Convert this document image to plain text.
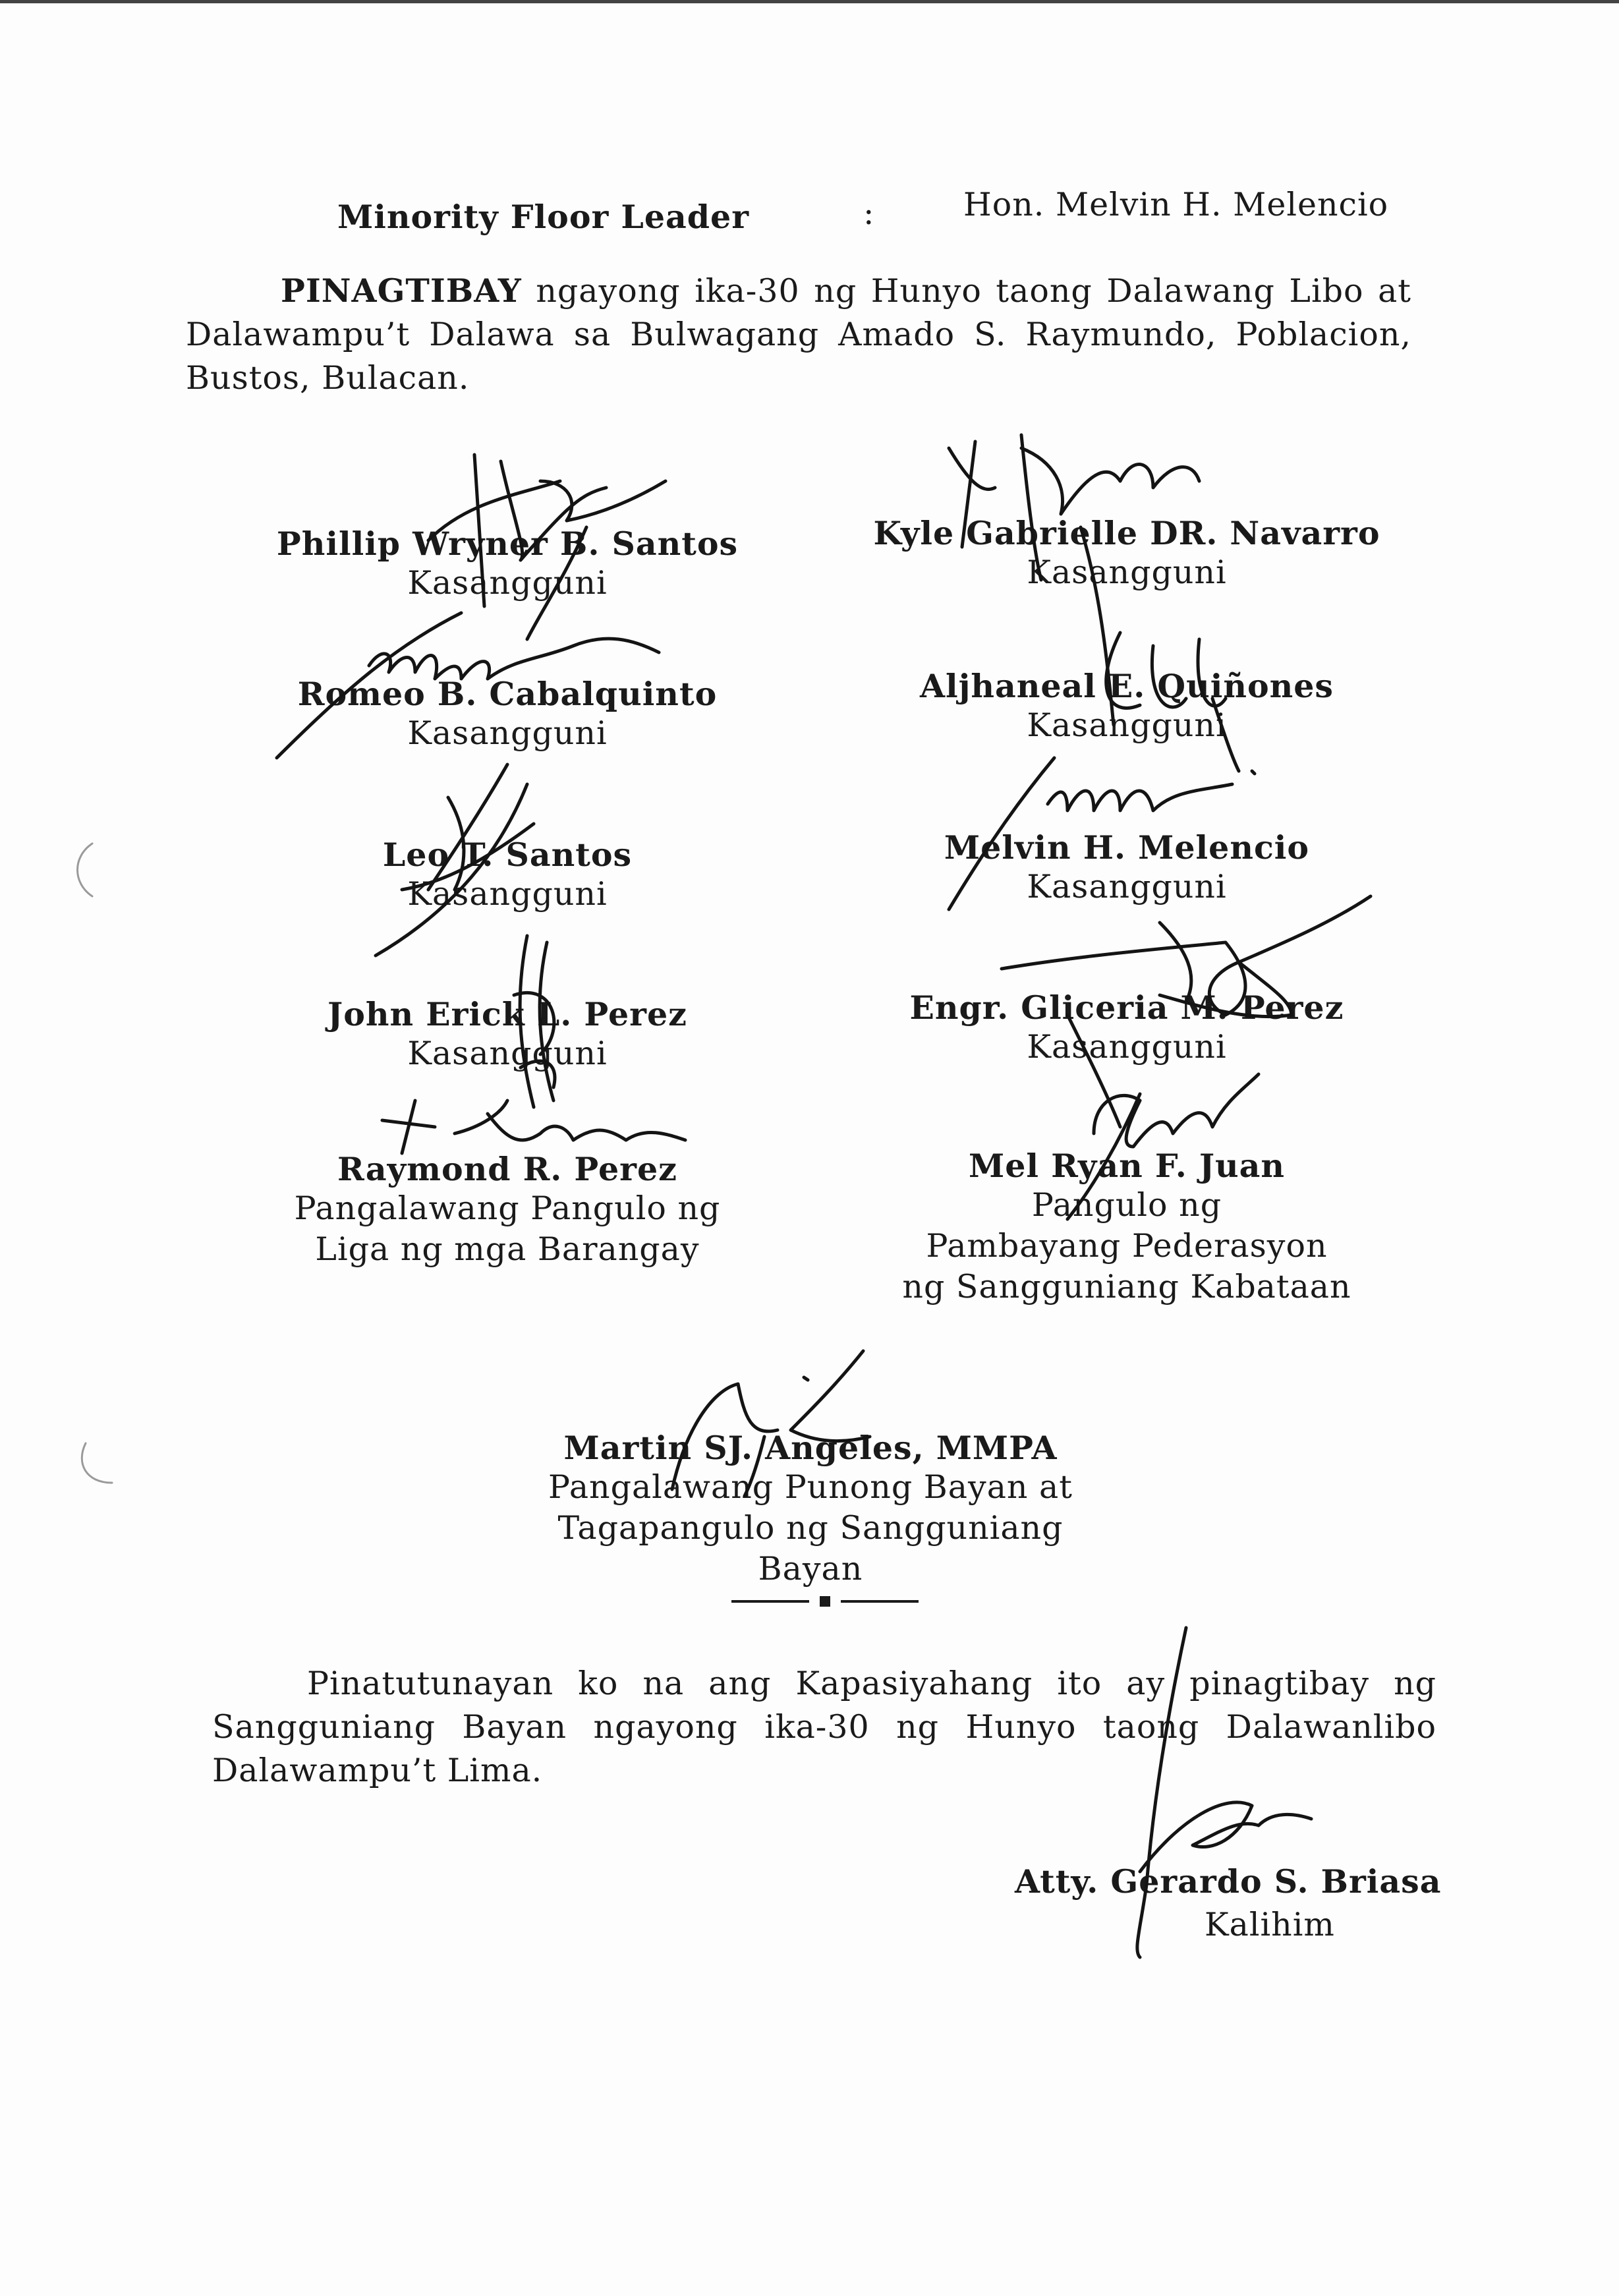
Minority Floor Leader	:	Hon. Melvin H. Melencio
PINAGTIBAY ngayong ika-30 ng Hunyo taong Dalawang Libo at Dalawampu’t Dalawa sa Bulwagang Amado S. Raymundo, Poblacion, Bustos, Bulacan.
Phillip Wryner B. Santos
Kasangguni
Romeo B. Cabalquinto
Kasangguni
Leo T. Santos
Kasangguni
John Erick L. Perez
Kasangguni
Raymond R. Perez
Pangalawang Pangulo ng
Liga ng mga Barangay
Kyle Gabrielle DR. Navarro
Kasangguni
Aljhaneal E. Quiñones
Kasangguni
Melvin H. Melencio
Kasangguni
Engr. Gliceria M. Perez
Kasangguni
Mel Ryan F. Juan
Pangulo ng
Pambayang Pederasyon
ng Sangguniang Kabataan
Martin SJ. Angeles, MMPA
Pangalawang Punong Bayan at
Tagapangulo ng Sangguniang Bayan
Pinatutunayan ko na ang Kapasiyahang ito ay pinagtibay ng Sangguniang Bayan ngayong ika-30 ng Hunyo taong Dalawanlibo Dalawampu’t Lima.
Atty. Gerardo S. Briasa
Kalihim
